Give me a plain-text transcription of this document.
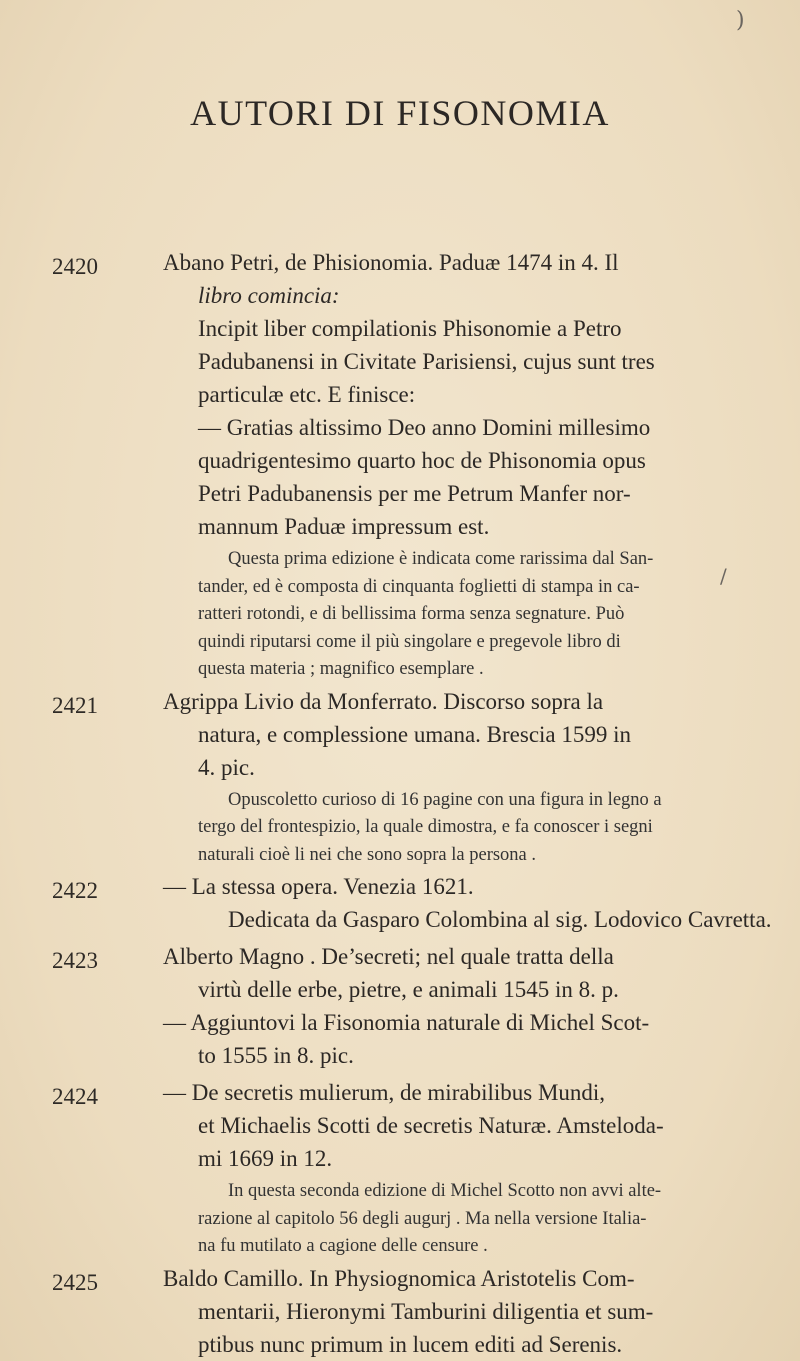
AUTORI DI FISONOMIA
)
/
2420	Abano Petri, de Phisionomia. Paduæ 1474 in 4. Il
libro comincia:
Incipit liber compilationis Phisonomie a Petro
Padubanensi in Civitate Parisiensi, cujus sunt tres
particulæ etc. E finisce:
— Gratias altissimo Deo anno Domini millesimo
quadrigentesimo quarto hoc de Phisonomia opus
Petri Padubanensis per me Petrum Manfer nor-
mannum Paduæ impressum est.
Questa prima edizione è indicata come rarissima dal San-
tander, ed è composta di cinquanta foglietti di stampa in ca-
ratteri rotondi, e di bellissima forma senza segnature. Può
quindi riputarsi come il più singolare e pregevole libro di
questa materia ; magnifico esemplare .
2421	Agrippa Livio da Monferrato. Discorso sopra la
natura, e complessione umana. Brescia 1599 in
4. pic.
Opuscoletto curioso di 16 pagine con una figura in legno a
tergo del frontespizio, la quale dimostra, e fa conoscer i segni
naturali cioè li nei che sono sopra la persona .
2422	— La stessa opera. Venezia 1621.
Dedicata da Gasparo Colombina al sig. Lodovico Cavretta.
2423	Alberto Magno . De’secreti; nel quale tratta della
virtù delle erbe, pietre, e animali 1545 in 8. p.
— Aggiuntovi la Fisonomia naturale di Michel Scot-
to 1555 in 8. pic.
2424	— De secretis mulierum, de mirabilibus Mundi,
et Michaelis Scotti de secretis Naturæ. Amsteloda-
mi 1669 in 12.
In questa seconda edizione di Michel Scotto non avvi alte-
razione al capitolo 56 degli augurj . Ma nella versione Italia-
na fu mutilato a cagione delle censure .
2425	Baldo Camillo. In Physiognomica Aristotelis Com-
mentarii, Hieronymi Tamburini diligentia et sum-
ptibus nunc primum in lucem editi ad Serenis.
